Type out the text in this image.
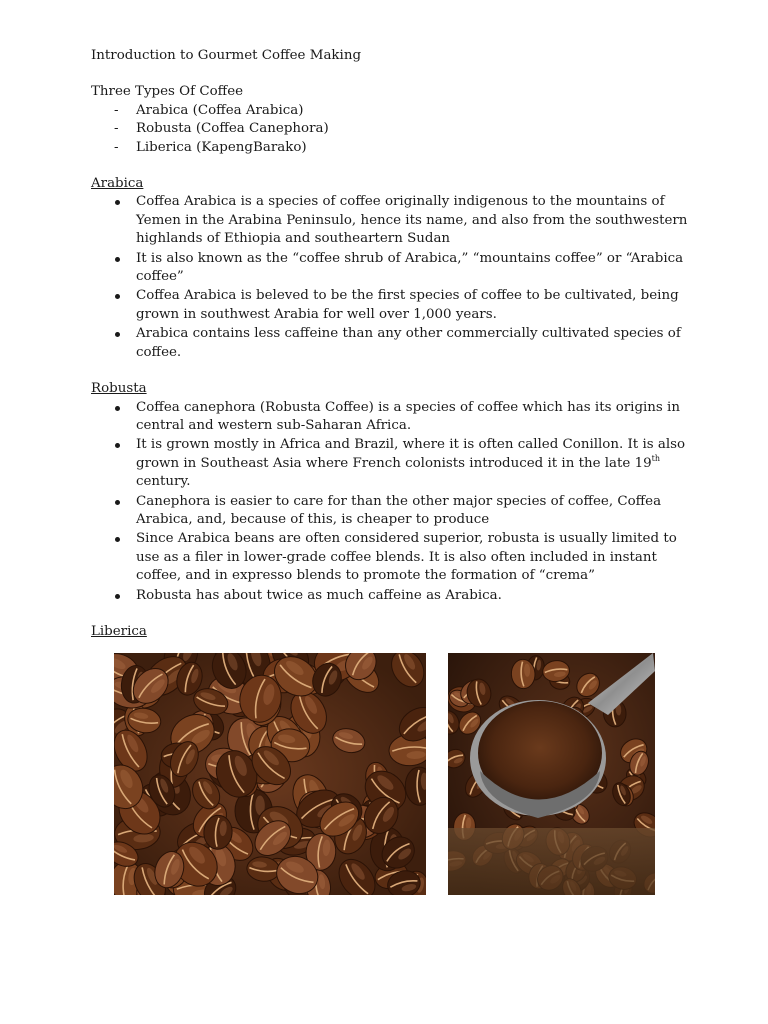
Introduction to Gourmet Coffee Making
Three Types Of Coffee
- Arabica (Coffea Arabica)
- Robusta (Coffea Canephora)
- Liberica (KapengBarako)
Arabica
Coffea Arabica is a species of coffee originally indigenous to the mountains of Yemen in the Arabina Peninsulo, hence its name, and also from the southwestern highlands of Ethiopia and southeartern Sudan
It is also known as the “coffee shrub of Arabica,” “mountains coffee” or “Arabica coffee”
Coffea Arabica is beleved to be the first species of coffee to be cultivated, being grown in southwest Arabia for well over 1,000 years.
Arabica contains less caffeine than any other commercially cultivated species of coffee.
Robusta
Coffea canephora (Robusta Coffee) is a species of coffee which has its origins in central and western sub-Saharan Africa.
It is grown mostly in Africa and Brazil, where it is often called Conillon. It is also grown in Southeast Asia where French colonists introduced it in the late 19th century.
Canephora is easier to care for than the other major species of coffee, Coffea Arabica, and, because of this, is cheaper to produce
Since Arabica beans are often considered superior, robusta is usually limited to use as a filer in lower-grade coffee blends. It is also often included in instant coffee, and in expresso blends to promote the formation of “crema”
Robusta has about twice as much caffeine as Arabica.
Liberica
